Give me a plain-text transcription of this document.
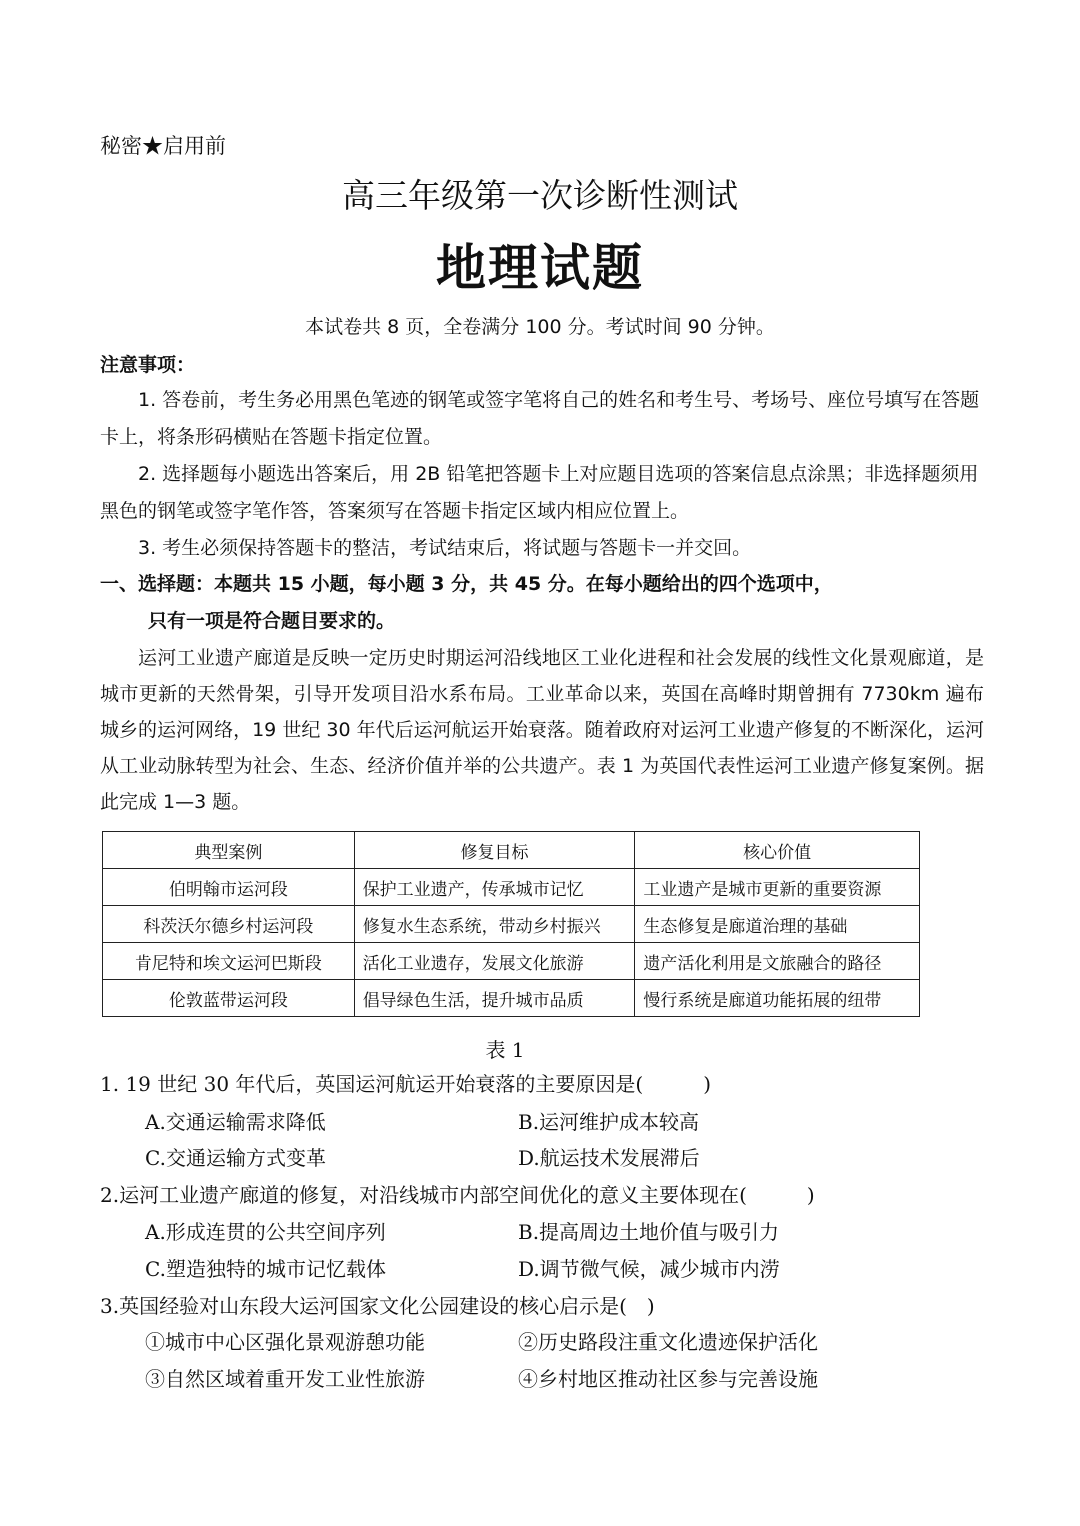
秘密★启用前
高三年级第一次诊断性测试
地理试题
本试卷共 8 页，全卷满分 100 分。考试时间 90 分钟。
注意事项：
1. 答卷前，考生务必用黑色笔迹的钢笔或签字笔将自己的姓名和考生号、考场号、座位号填写在答题卡上，将条形码横贴在答题卡指定位置。
2. 选择题每小题选出答案后，用 2B 铅笔把答题卡上对应题目选项的答案信息点涂黑；非选择题须用黑色的钢笔或签字笔作答，答案须写在答题卡指定区域内相应位置上。
3. 考生必须保持答题卡的整洁，考试结束后，将试题与答题卡一并交回。
一、选择题：本题共 15 小题，每小题 3 分，共 45 分。在每小题给出的四个选项中，
只有一项是符合题目要求的。
运河工业遗产廊道是反映一定历史时期运河沿线地区工业化进程和社会发展的线性文化景观廊道，是城市更新的天然骨架，引导开发项目沿水系布局。工业革命以来，英国在高峰时期曾拥有 7730km 遍布城乡的运河网络，19 世纪 30 年代后运河航运开始衰落。随着政府对运河工业遗产修复的不断深化，运河从工业动脉转型为社会、生态、经济价值并举的公共遗产。表 1 为英国代表性运河工业遗产修复案例。据此完成 1—3 题。
典型案例	修复目标	核心价值
伯明翰市运河段	保护工业遗产，传承城市记忆	工业遗产是城市更新的重要资源
科茨沃尔德乡村运河段	修复水生态系统，带动乡村振兴	生态修复是廊道治理的基础
肯尼特和埃文运河巴斯段	活化工业遗存，发展文化旅游	遗产活化利用是文旅融合的路径
伦敦蓝带运河段	倡导绿色生活，提升城市品质	慢行系统是廊道功能拓展的纽带
表 1
1. 19 世纪 30 年代后，英国运河航运开始衰落的主要原因是(　　　)
A.交通运输需求降低	B.运河维护成本较高
C.交通运输方式变革	D.航运技术发展滞后
2.运河工业遗产廊道的修复，对沿线城市内部空间优化的意义主要体现在(　　　)
A.形成连贯的公共空间序列	B.提高周边土地价值与吸引力
C.塑造独特的城市记忆载体	D.调节微气候，减少城市内涝
3.英国经验对山东段大运河国家文化公园建设的核心启示是(　)
①城市中心区强化景观游憩功能	②历史路段注重文化遗迹保护活化
③自然区域着重开发工业性旅游	④乡村地区推动社区参与完善设施
